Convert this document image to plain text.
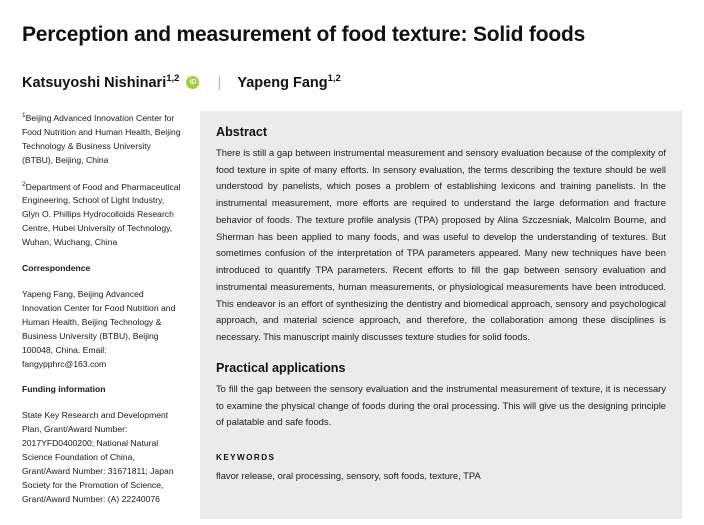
Perception and measurement of food texture: Solid foods
Katsuyoshi Nishinari$^{1,2}$	iD | Yapeng Fang$^{1,2}$

$^1$Beijing Advanced Innovation Center for Food Nutrition and Human Health, Beijing Technology & Business University (BTBU), Beijing, China

$^2$Department of Food and Pharmaceutical Engineering, School of Light Industry, Glyn O. Phillips Hydrocolloids Research Centre, Hubei University of Technology, Wuhan, Wuchang, China

Correspondence

Yapeng Fang, Beijing Advanced Innovation Center for Food Nutrition and Human Health, Beijing Technology & Business University (BTBU), Beijing 100048, China. Email: fangypphrc@163.com

Funding information

State Key Research and Development Plan, Grant/Award Number: 2017YFD0400200; National Natural Science Foundation of China, Grant/Award Number: 31671811; Japan Society for the Promotion of Science, Grant/Award Number: (A) 22240076

Abstract

There is still a gap between instrumental measurement and sensory evaluation because of the complexity of food texture in spite of many efforts. In sensory evaluation, the terms describing the texture should be well understood by panelists, which poses a problem of establishing lexicons and training panelists. In the instrumental measurement, more efforts are required to understand the large deformation and fracture behavior of foods. The texture profile analysis (TPA) proposed by Alina Szczesniak, Malcolm Bourne, and Sherman has been applied to many foods, and was useful to develop the understanding of textures. But sometimes confusion of the interpretation of TPA parameters appeared. Many new techniques have been introduced to quantify TPA parameters. Recent efforts to fill the gap between sensory evaluation and instrumental measurements, human measurements, or physiological measurements have been introduced. This endeavor is an effort of synthesizing the dentistry and biomedical approach, sensory and psychological approach, and material science approach, and therefore, the collaboration among these disciplines is necessary. This manuscript mainly discusses texture studies for solid foods.

Practical applications

To fill the gap between the sensory evaluation and the instrumental measurement of texture, it is necessary to examine the physical change of foods during the oral processing. This will give us the designing principle of palatable and safe foods.

KEYWORDS

flavor release, oral processing, sensory, soft foods, texture, TPA
